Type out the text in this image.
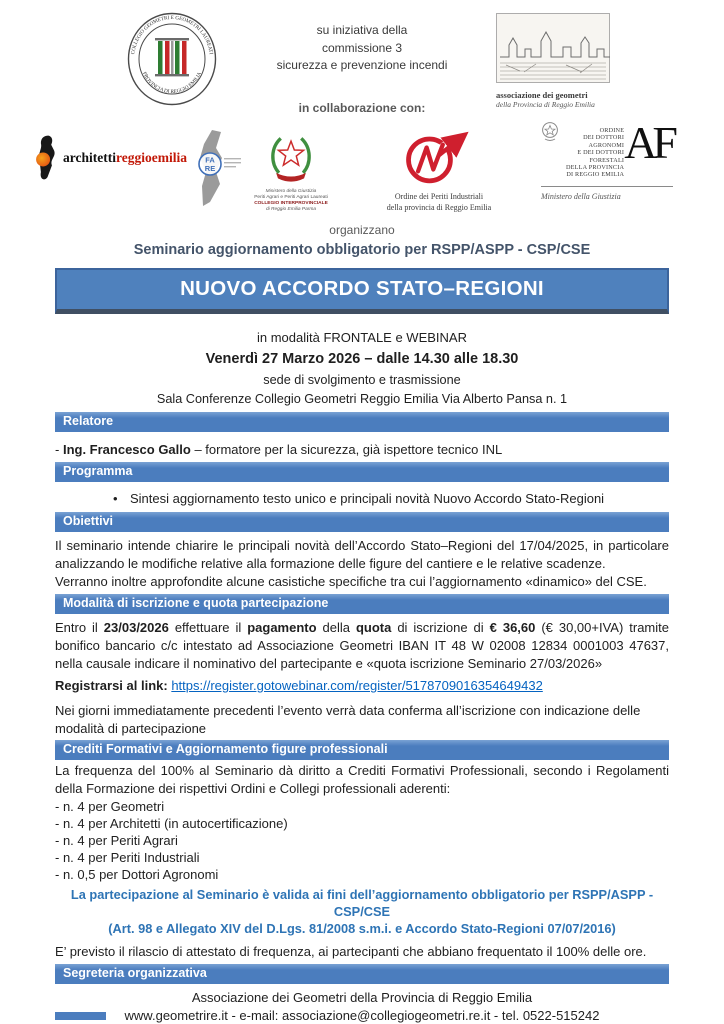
COLLEGIO GEOMETRI E GEOMETRI LAUREATI
PROVINCIA DI REGGIO EMILIA
su iniziativa della
commissione 3
sicurezza e prevenzione incendi
associazione dei geometri
della Provincia di Reggio Emilia
in collaborazione con:
architettireggioemilia FA
RE
Ministero della Giustizia
Periti Agrari e Periti Agrari Laureati
COLLEGIO INTERPROVINCIALE
di Reggio Emilia Parma
Ordine dei Periti Industriali
della provincia di Reggio Emilia
ORDINE
DEI DOTTORI AGRONOMI
E DEI DOTTORI FORESTALI
DELLA PROVINCIA
DI REGGIO EMILIA
AF
Ministero della Giustizia
organizzano
Seminario aggiornamento obbligatorio per RSPP/ASPP - CSP/CSE
NUOVO ACCORDO STATO–REGIONI
in modalità FRONTALE e WEBINAR
Venerdì 27 Marzo 2026 – dalle 14.30 alle 18.30
sede di svolgimento e trasmissione
Sala Conferenze Collegio Geometri Reggio Emilia Via Alberto Pansa n. 1
Relatore
- Ing. Francesco Gallo – formatore per la sicurezza, già ispettore tecnico INL
Programma
• Sintesi aggiornamento testo unico e principali novità Nuovo Accordo Stato-Regioni
Obiettivi
Il seminario intende chiarire le principali novità dell’Accordo Stato–Regioni del 17/04/2025, in particolare analizzando le modifiche relative alla formazione delle figure del cantiere e le relative scadenze.
Verranno inoltre approfondite alcune casistiche specifiche tra cui l’aggiornamento «dinamico» del CSE.
Modalità di iscrizione e quota partecipazione
Entro il 23/03/2026 effettuare il pagamento della quota di iscrizione di € 36,60 (€ 30,00+IVA) tramite bonifico bancario c/c intestato ad Associazione Geometri IBAN IT 48 W 02008 12834 0001003 47637, nella causale indicare il nominativo del partecipante e «quota iscrizione Seminario 27/03/2026»
Registrarsi al link: https://register.gotowebinar.com/register/5178709016354649432
Nei giorni immediatamente precedenti l’evento verrà data conferma all’iscrizione con indicazione delle modalità di partecipazione
Crediti Formativi e Aggiornamento figure professionali
La frequenza del 100% al Seminario dà diritto a Crediti Formativi Professionali, secondo i Regolamenti della Formazione dei rispettivi Ordini e Collegi professionali aderenti:
- n. 4 per Geometri
- n. 4 per Architetti (in autocertificazione)
- n. 4 per Periti Agrari
- n. 4 per Periti Industriali
- n. 0,5 per Dottori Agronomi
La partecipazione al Seminario è valida ai fini dell’aggiornamento obbligatorio per RSPP/ASPP - CSP/CSE
(Art. 98 e Allegato XIV del D.Lgs. 81/2008 s.m.i. e Accordo Stato-Regioni 07/07/2016)
E’ previsto il rilascio di attestato di frequenza, ai partecipanti che abbiano frequentato il 100% delle ore.
Segreteria organizzativa
Associazione dei Geometri della Provincia di Reggio Emilia
www.geometrire.it - e-mail: associazione@collegiogeometri.re.it - tel. 0522-515242
